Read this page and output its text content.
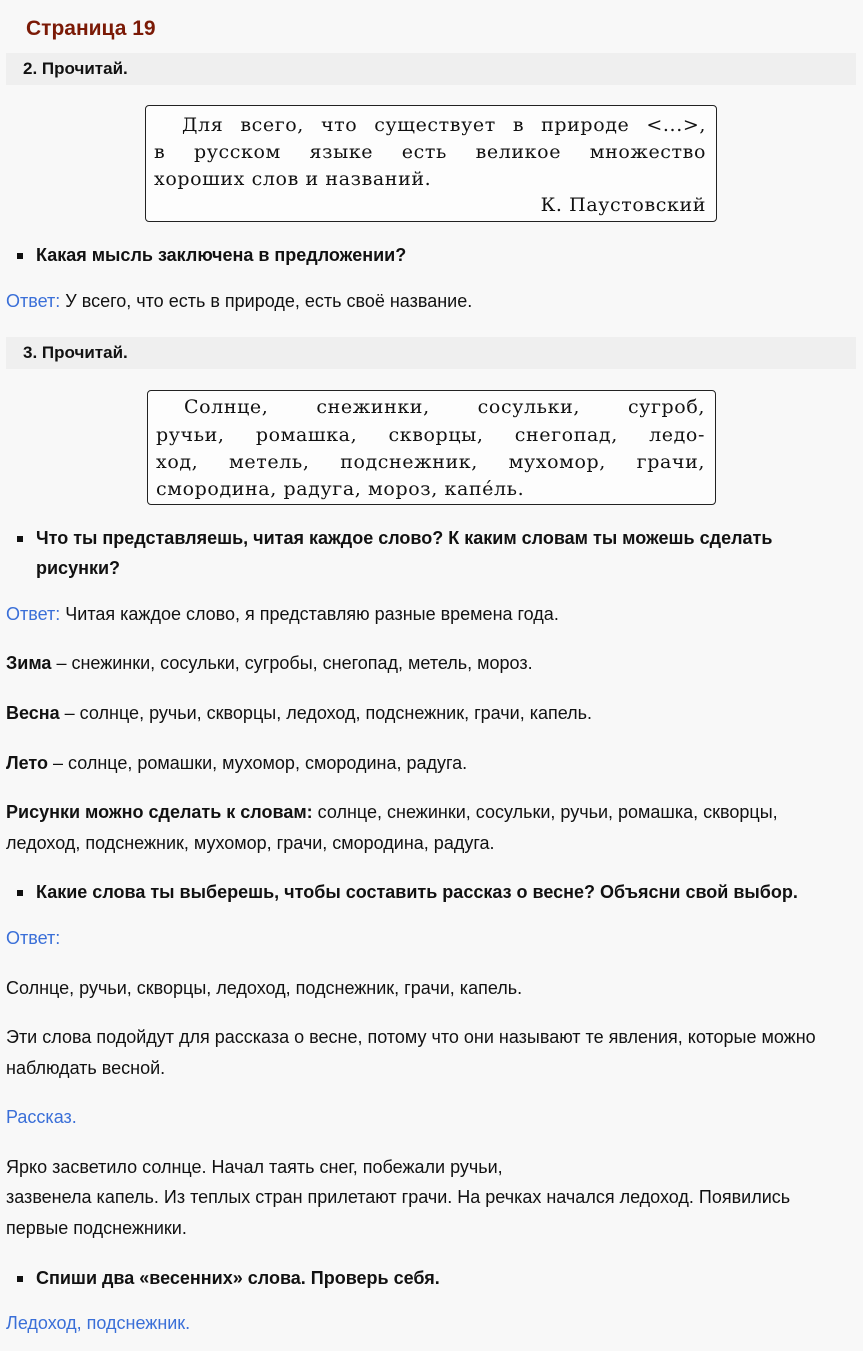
Страница 19
2. Прочитай.
Для всего, что существует в природе <...>,
в русском языке есть великое множество
хороших слов и названий.
К. Паустовский
Какая мысль заключена в предложении?
Ответ: У всего, что есть в природе, есть своё название.
3. Прочитай.
Солнце, снежинки, сосульки, сугроб,
ручьи, ромашка, скворцы, снегопад, ледо-
ход, метель, подснежник, мухомор, грачи,
смородина, радуга, мороз, капе́ль.
Что ты представляешь, читая каждое слово? К каким словам ты можешь сделать рисунки?
Ответ: Читая каждое слово, я представляю разные времена года.
Зима – снежинки, сосульки, сугробы, снегопад, метель, мороз.
Весна – солнце, ручьи, скворцы, ледоход, подснежник, грачи, капель.
Лето – солнце, ромашки, мухомор, смородина, радуга.
Рисунки можно сделать к словам: солнце, снежинки, сосульки, ручьи, ромашка, скворцы, ледоход, подснежник, мухомор, грачи, смородина, радуга.
Какие слова ты выберешь, чтобы составить рассказ о весне? Объясни свой выбор.
Ответ:
Солнце, ручьи, скворцы, ледоход, подснежник, грачи, капель.
Эти слова подойдут для рассказа о весне, потому что они называют те явления, которые можно наблюдать весной.
Рассказ.
Ярко засветило солнце. Начал таять снег, побежали ручьи,
зазвенела капель. Из теплых стран прилетают грачи. На речках начался ледоход. Появились первые подснежники.
Спиши два «весенних» слова. Проверь себя.
Ледоход, подснежник.
